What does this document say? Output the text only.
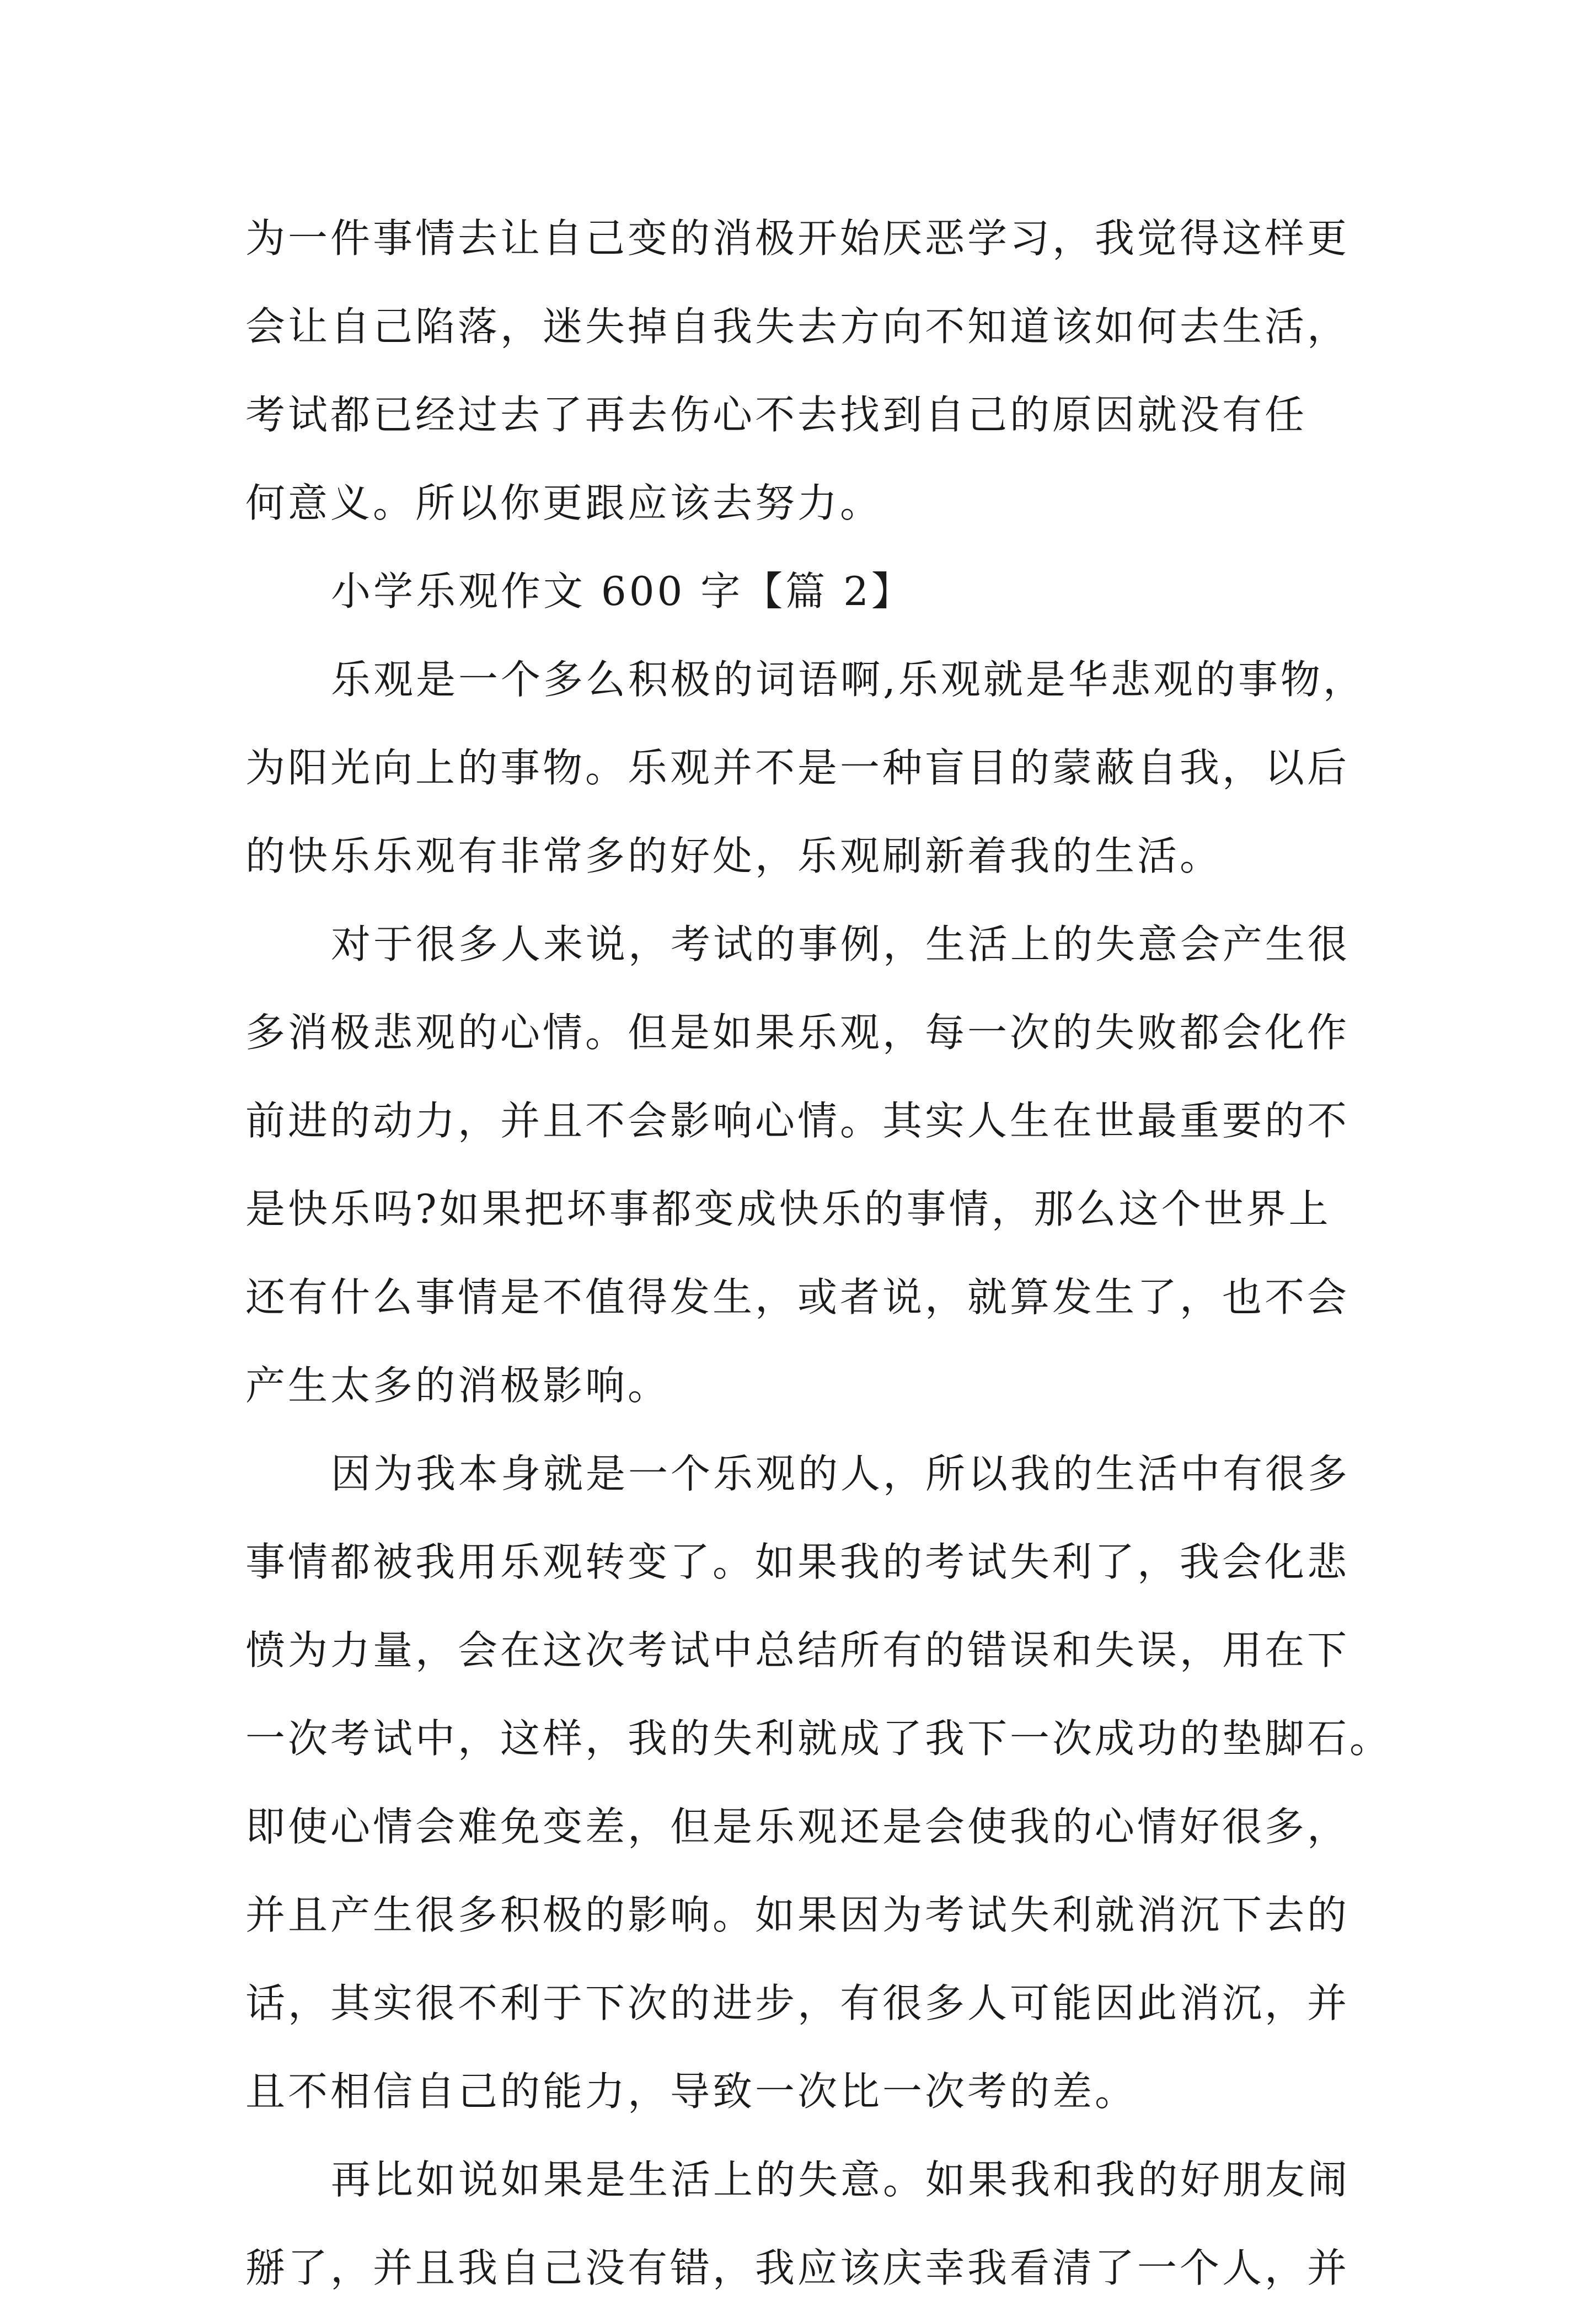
为一件事情去让自己变的消极开始厌恶学习，我觉得这样更
会让自己陷落，迷失掉自我失去方向不知道该如何去生活，
考试都已经过去了再去伤心不去找到自己的原因就没有任
何意义。所以你更跟应该去努力。
小学乐观作文 600 字【篇 2】
乐观是一个多么积极的词语啊,乐观就是华悲观的事物，
为阳光向上的事物。乐观并不是一种盲目的蒙蔽自我，以后
的快乐乐观有非常多的好处，乐观刷新着我的生活。
对于很多人来说，考试的事例，生活上的失意会产生很
多消极悲观的心情。但是如果乐观，每一次的失败都会化作
前进的动力，并且不会影响心情。其实人生在世最重要的不
是快乐吗?如果把坏事都变成快乐的事情，那么这个世界上
还有什么事情是不值得发生，或者说，就算发生了，也不会
产生太多的消极影响。
因为我本身就是一个乐观的人，所以我的生活中有很多
事情都被我用乐观转变了。如果我的考试失利了，我会化悲
愤为力量，会在这次考试中总结所有的错误和失误，用在下
一次考试中，这样，我的失利就成了我下一次成功的垫脚石。
即使心情会难免变差，但是乐观还是会使我的心情好很多，
并且产生很多积极的影响。如果因为考试失利就消沉下去的
话，其实很不利于下次的进步，有很多人可能因此消沉，并
且不相信自己的能力，导致一次比一次考的差。
再比如说如果是生活上的失意。如果我和我的好朋友闹
掰了，并且我自己没有错，我应该庆幸我看清了一个人，并
